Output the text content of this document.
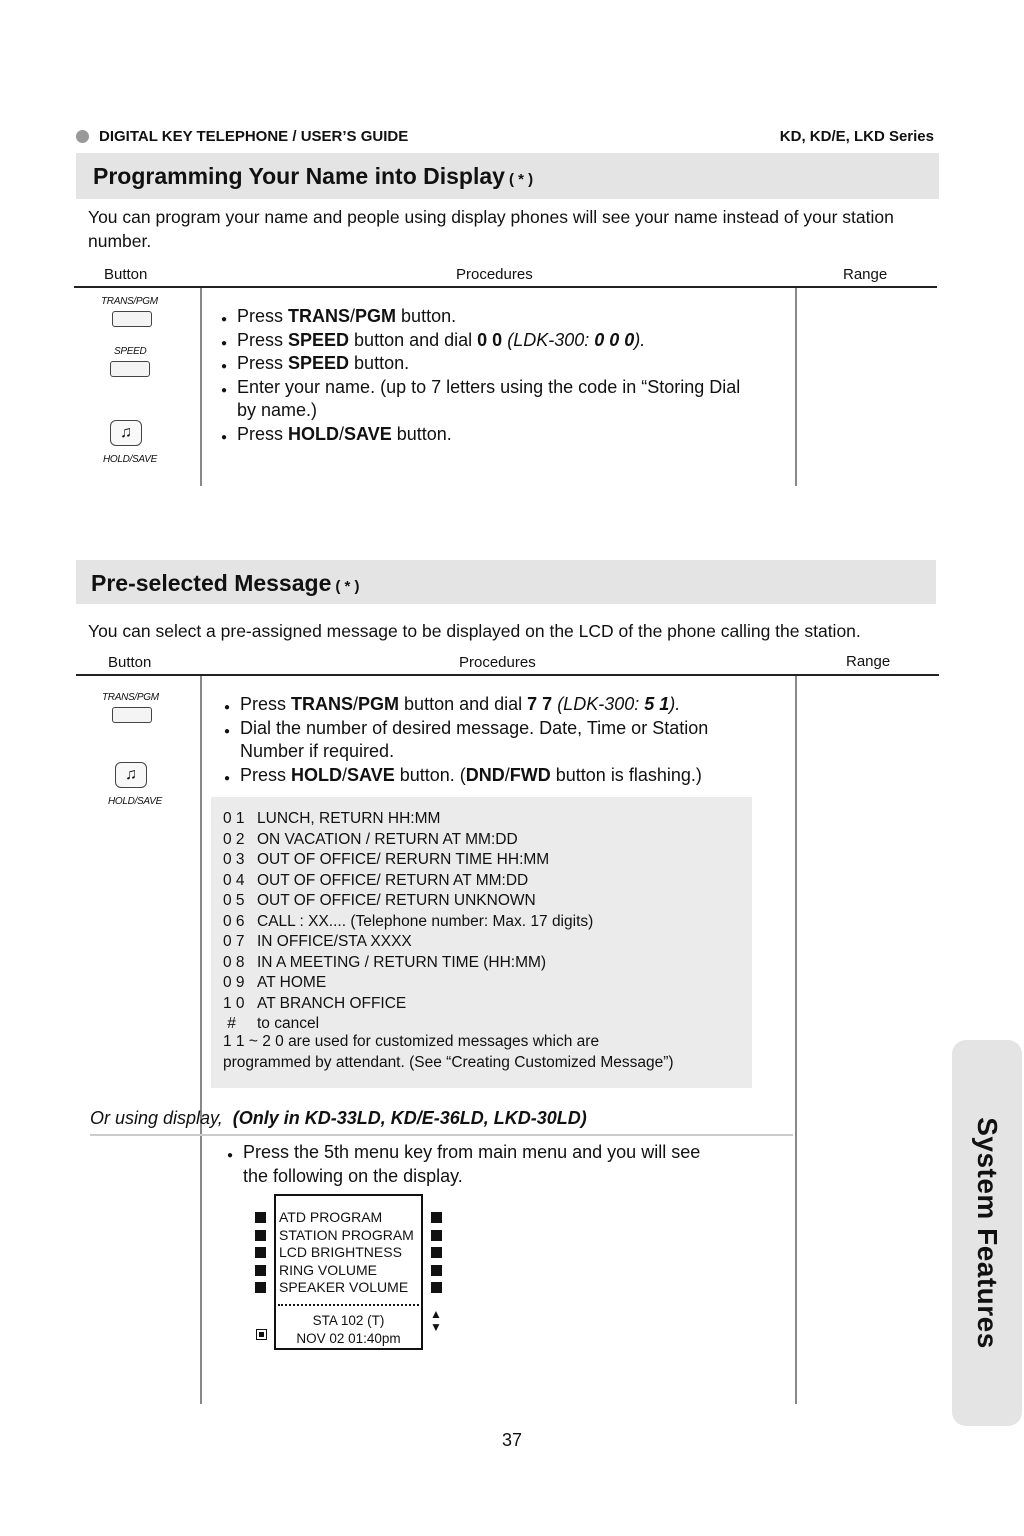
DIGITAL KEY TELEPHONE / USER’S GUIDE	KD, KD/E, LKD Series
Programming Your Name into Display ( * )
You can program your name and people using display phones will see your name instead of your station number.
Button	Procedures	Range
TRANS/PGM
SPEED
♫
HOLD/SAVE
● Press TRANS/PGM button.
● Press SPEED button and dial 0 0 (LDK-300: 0 0 0).
● Press SPEED button.
● Enter your name. (up to 7 letters using the code in “Storing Dial
by name.)
● Press HOLD/SAVE button.
Pre-selected Message ( * )
You can select a pre-assigned message to be displayed on the LCD of the phone calling the station.
Button	Procedures	Range
TRANS/PGM
♫
HOLD/SAVE
● Press TRANS/PGM button and dial 7 7 (LDK-300: 5 1).
● Dial the number of desired message. Date, Time or Station
Number if required.
● Press HOLD/SAVE button. (DND/FWD button is flashing.)
0 1 LUNCH, RETURN HH:MM
0 2 ON VACATION / RETURN AT MM:DD
0 3 OUT OF OFFICE/ RERURN TIME HH:MM
0 4 OUT OF OFFICE/ RETURN AT MM:DD
0 5 OUT OF OFFICE/ RETURN UNKNOWN
0 6 CALL : XX.... (Telephone number: Max. 17 digits)
0 7 IN OFFICE/STA XXXX
0 8 IN A MEETING / RETURN TIME (HH:MM)
0 9 AT HOME
1 0 AT BRANCH OFFICE
#	to cancel
1 1 ~ 2 0 are used for customized messages which are
programmed by attendant. (See “Creating Customized Message”)
Or using display, (Only in KD-33LD, KD/E-36LD, LKD-30LD)
● Press the 5th menu key from main menu and you will see
the following on the display.
ATD PROGRAM
STATION PROGRAM
LCD BRIGHTNESS
RING VOLUME
SPEAKER VOLUME
STA 102 (T)
NOV 02 01:40pm
▲
▼	System Features
37
